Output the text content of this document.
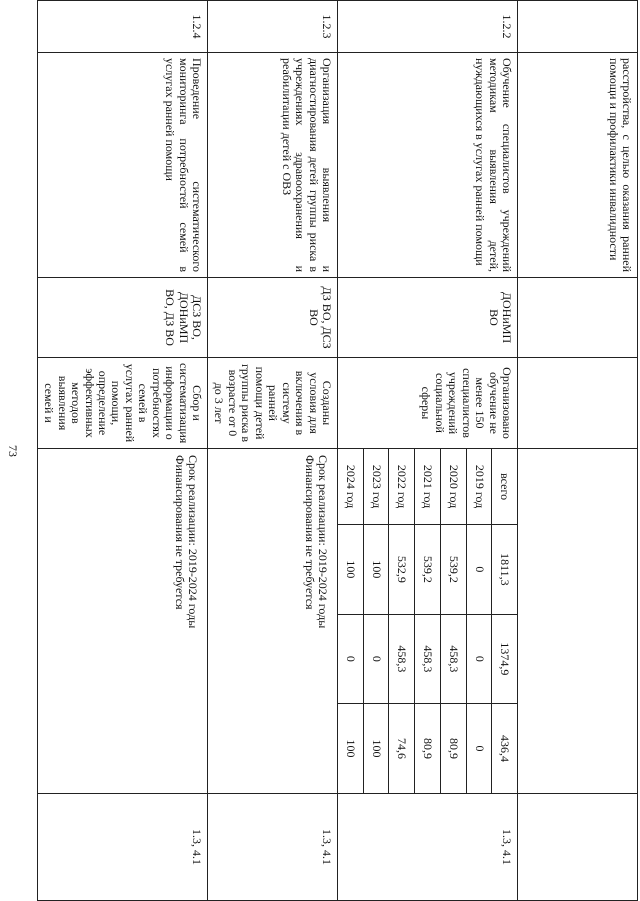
73
	расстройства, с целью оказания ранней помощи и профилактики инвалидности				
1.2.2	Обучение специалистов учреждений методикам выявления детей, нуждающихся в услугах ранней помощи	ДОНиМП ВО	Организовано обучение не менее 150 специалистов учреждений социальной сферы	
всего	1811,3	1374,9	436,4
2019 год	0	0	0
2020 год	539,2	458,3	80,9
2021 год	539,2	458,3	80,9
2022 год	532,9	458,3	74,6
2023 год	100	0	100
2024 год	100	0	100
	1.3, 4.1
1.2.3	Организация выявления и диагностирования детей группы риска в учреждениях здравоохранения и реабилитации детей с ОВЗ	ДЗ ВО, ДСЗ ВО	Созданы условия для включения в систему ранней помощи детей группы риска в возрасте от 0 до 3 лет	
Срок реализации: 2019-2024 годы
Финансирования не требуется
	1.3, 4.1
1.2.4	Проведение систематического мониторинга потребностей семей в услугах ранней помощи	ДСЗ ВО, ДОНиМП ВО, ДЗ ВО	Сбор и систематизация информации о потребностях семей в услугах ранней помощи, определение эффективных методов выявления семей и	
Срок реализации: 2019-2024 годы
Финансирования не требуется
	1.3, 4.1
